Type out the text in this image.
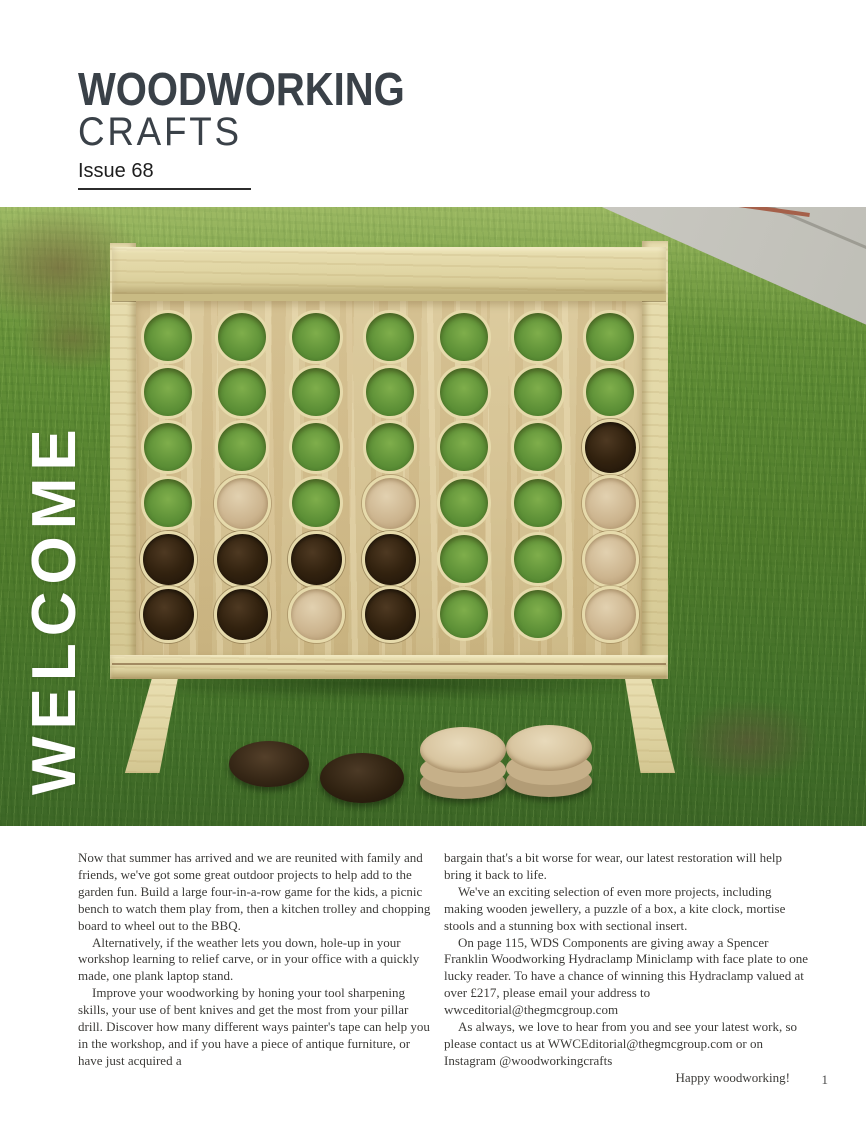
WOODWORKING
CRAFTS
Issue 68
WELCOME

Now that summer has arrived and we are reunited with family and friends, we've got some great outdoor projects to help add to the garden fun. Build a large four-in-a-row game for the kids, a picnic bench to watch them play from, then a kitchen trolley and chopping board to wheel out to the BBQ.

Alternatively, if the weather lets you down, hole-up in your workshop learning to relief carve, or in your office with a quickly made, one plank laptop stand.

Improve your woodworking by honing your tool sharpening skills, your use of bent knives and get the most from your pillar drill. Discover how many different ways painter's tape can help you in the workshop, and if you have a piece of antique furniture, or have just acquired a

bargain that's a bit worse for wear, our latest restoration will help bring it back to life.

We've an exciting selection of even more projects, including making wooden jewellery, a puzzle of a box, a kite clock, mortise stools and a stunning box with sectional insert.

On page 115, WDS Components are giving away a Spencer Franklin Woodworking Hydraclamp Miniclamp with face plate to one lucky reader. To have a chance of winning this Hydraclamp valued at over £217, please email your address to wwceditorial@thegmcgroup.com

As always, we love to hear from you and see your latest work, so please contact us at WWCEditorial@thegmcgroup.com or on Instagram @woodworkingcrafts

Happy woodworking!	1
